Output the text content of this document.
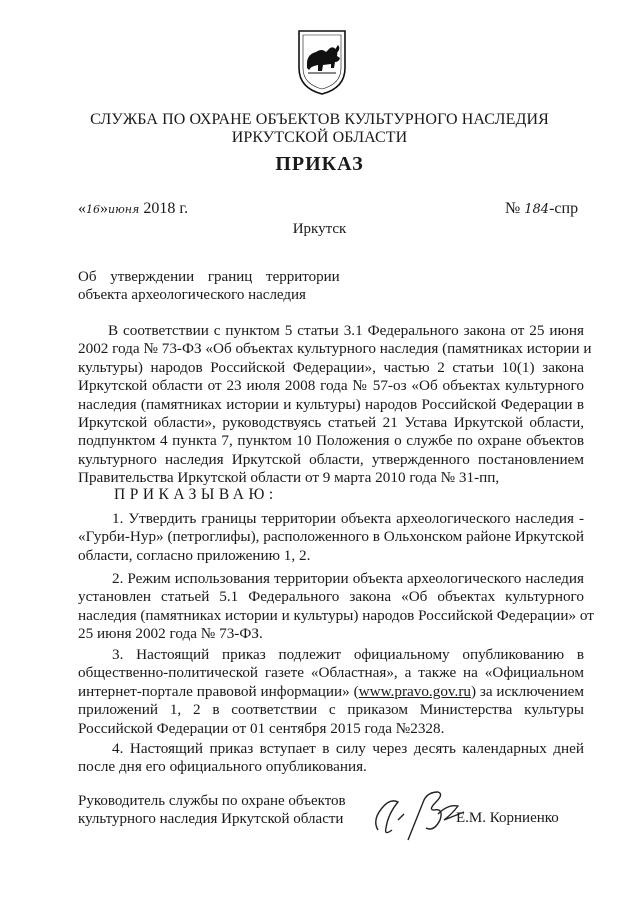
СЛУЖБА ПО ОХРАНЕ ОБЪЕКТОВ КУЛЬТУРНОГО НАСЛЕДИЯ
ИРКУТСКОЙ ОБЛАСТИ
ПРИКАЗ
«16»июня 2018 г.	№ 184-спр
Иркутск
Об утверждении границ территории
объекта археологического наследия
В соответствии с пунктом 5 статьи 3.1 Федерального закона от 25 июня
2002 года № 73-ФЗ «Об объектах культурного наследия (памятниках истории и
культуры) народов Российской Федерации», частью 2 статьи 10(1) закона
Иркутской области от 23 июля 2008 года № 57-оз «Об объектах культурного
наследия (памятниках истории и культуры) народов Российской Федерации в
Иркутской области», руководствуясь статьей 21 Устава Иркутской области,
подпунктом 4 пункта 7, пунктом 10 Положения о службе по охране объектов
культурного наследия Иркутской области, утвержденного постановлением
Правительства Иркутской области от 9 марта 2010 года № 31-пп,
ПРИКАЗЫВАЮ:
1. Утвердить границы территории объекта археологического наследия -
«Гурби-Нур» (петроглифы), расположенного в Ольхонском районе Иркутской
области, согласно приложению 1, 2.
2. Режим использования территории объекта археологического наследия
установлен статьей 5.1 Федерального закона «Об объектах культурного
наследия (памятниках истории и культуры) народов Российской Федерации» от
25 июня 2002 года № 73-ФЗ.
3. Настоящий приказ подлежит официальному опубликованию в
общественно-политической газете «Областная», а также на «Официальном
интернет-портале правовой информации» (www.pravo.gov.ru) за исключением
приложений 1, 2 в соответствии с приказом Министерства культуры
Российской Федерации от 01 сентября 2015 года №2328.
4. Настоящий приказ вступает в силу через десять календарных дней
после дня его официального опубликования.
Руководитель службы по охране объектов
культурного наследия Иркутской области	Е.М. Корниенко
